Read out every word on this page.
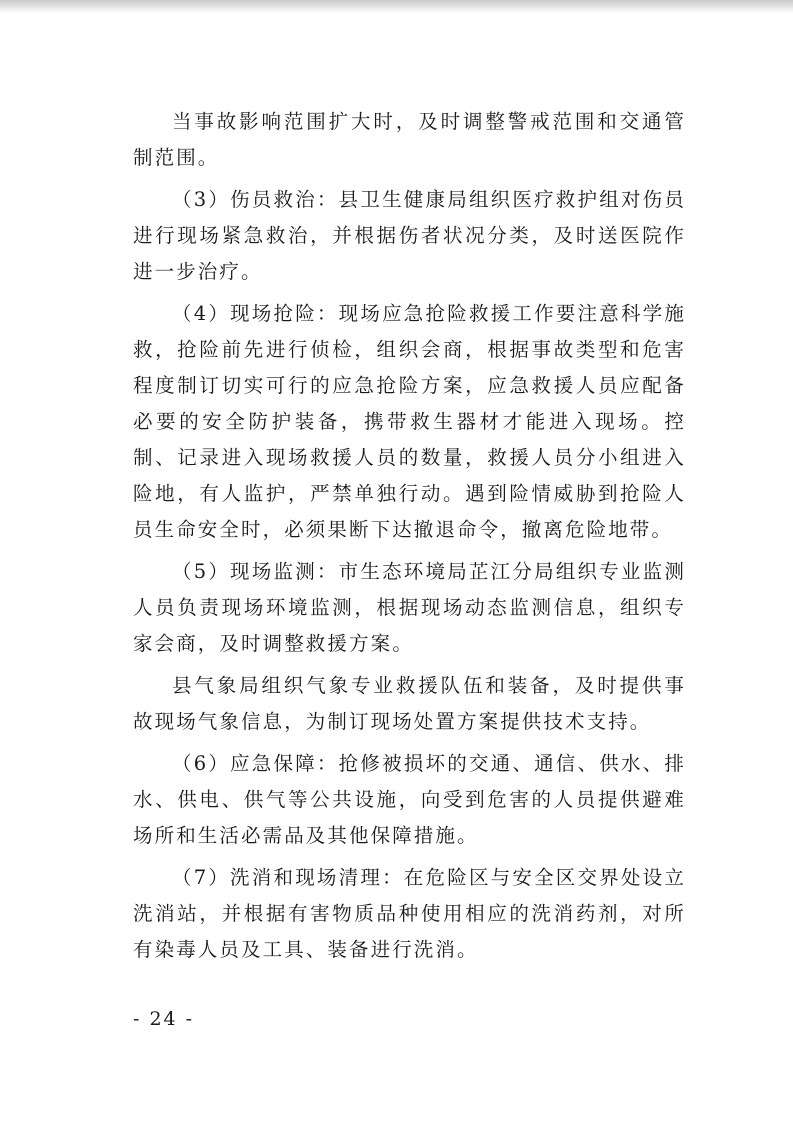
当事故影响范围扩大时，及时调整警戒范围和交通管制范围。

（3）伤员救治：县卫生健康局组织医疗救护组对伤员进行现场紧急救治，并根据伤者状况分类，及时送医院作进一步治疗。

（4）现场抢险：现场应急抢险救援工作要注意科学施救，抢险前先进行侦检，组织会商，根据事故类型和危害程度制订切实可行的应急抢险方案，应急救援人员应配备必要的安全防护装备，携带救生器材才能进入现场。控制、记录进入现场救援人员的数量，救援人员分小组进入险地，有人监护，严禁单独行动。遇到险情威胁到抢险人员生命安全时，必须果断下达撤退命令，撤离危险地带。

（5）现场监测：市生态环境局芷江分局组织专业监测人员负责现场环境监测，根据现场动态监测信息，组织专家会商，及时调整救援方案。

县气象局组织气象专业救援队伍和装备，及时提供事故现场气象信息，为制订现场处置方案提供技术支持。

（6）应急保障：抢修被损坏的交通、通信、供水、排水、供电、供气等公共设施，向受到危害的人员提供避难场所和生活必需品及其他保障措施。

（7）洗消和现场清理：在危险区与安全区交界处设立洗消站，并根据有害物质品种使用相应的洗消药剂，对所有染毒人员及工具、装备进行洗消。

- 24 -
